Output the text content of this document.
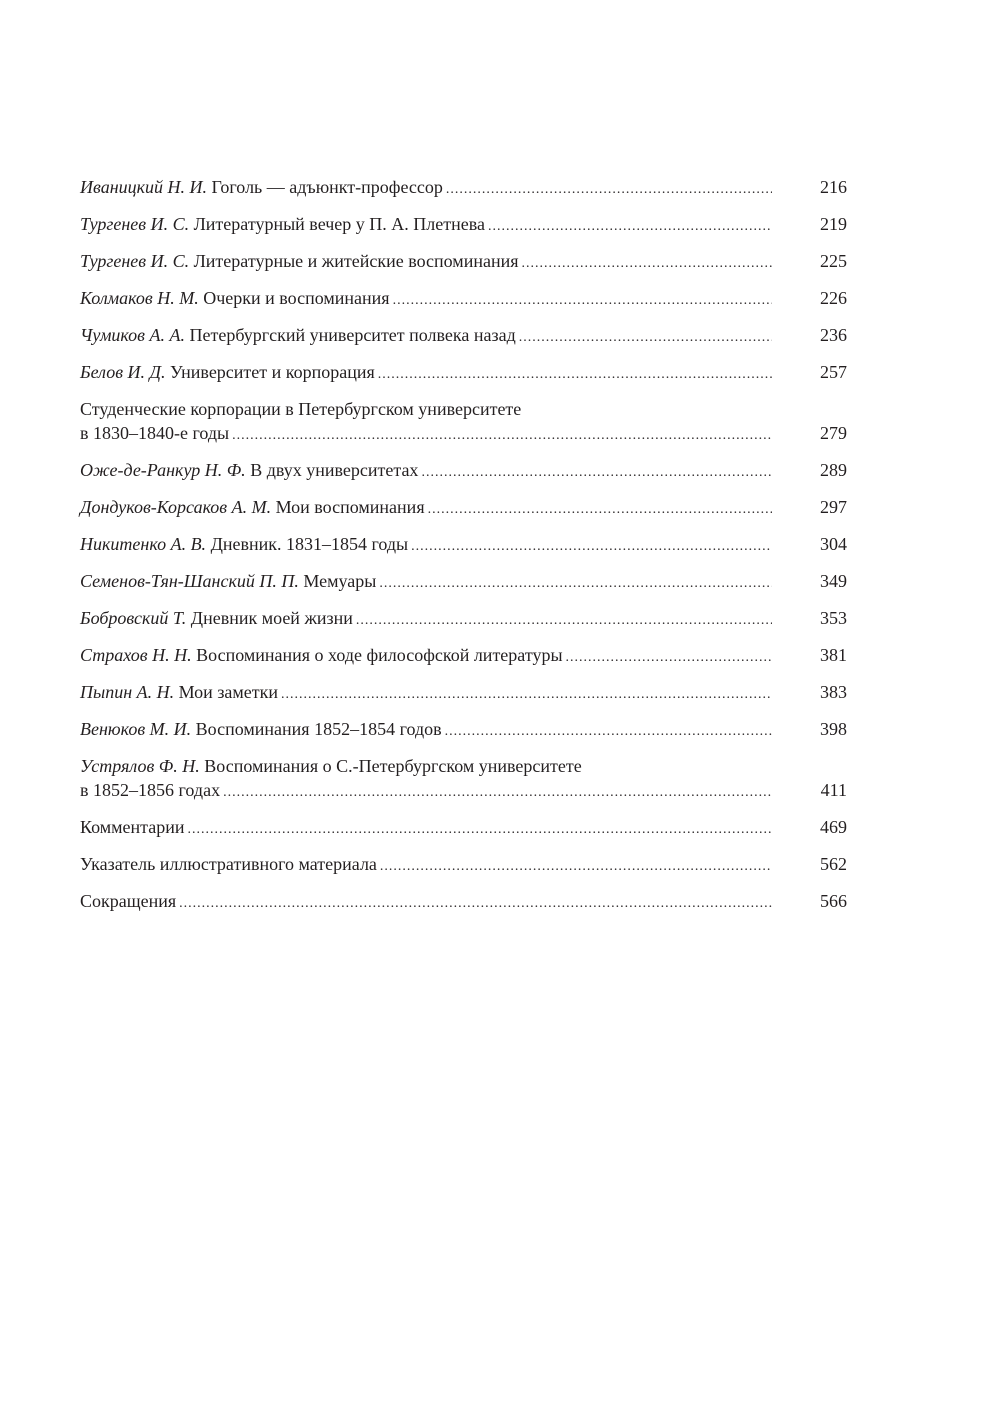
Иваницкий Н. И. Гоголь — адъюнкт-профессор .....	216
Тургенев И. С. Литературный вечер у П. А. Плетнева .....	219
Тургенев И. С. Литературные и житейские воспоминания .....	225
Колмаков Н. М. Очерки и воспоминания .....	226
Чумиков А. А. Петербургский университет полвека назад .....	236
Белов И. Д. Университет и корпорация .....	257
Студенческие корпорации в Петербургском университете
в 1830–1840-е годы .....	279
Оже-де-Ранкур Н. Ф. В двух университетах .....	289
Дондуков-Корсаков А. М. Мои воспоминания .....	297
Никитенко А. В. Дневник. 1831–1854 годы .....	304
Семенов-Тян-Шанский П. П. Мемуары .....	349
Бобровский Т. Дневник моей жизни .....	353
Страхов Н. Н. Воспоминания о ходе философской литературы .....	381
Пыпин А. Н. Мои заметки .....	383
Венюков М. И. Воспоминания 1852–1854 годов .....	398
Устрялов Ф. Н. Воспоминания о С.-Петербургском университете
в 1852–1856 годах .....	411
Комментарии .....	469
Указатель иллюстративного материала .....	562
Сокращения .....	566
